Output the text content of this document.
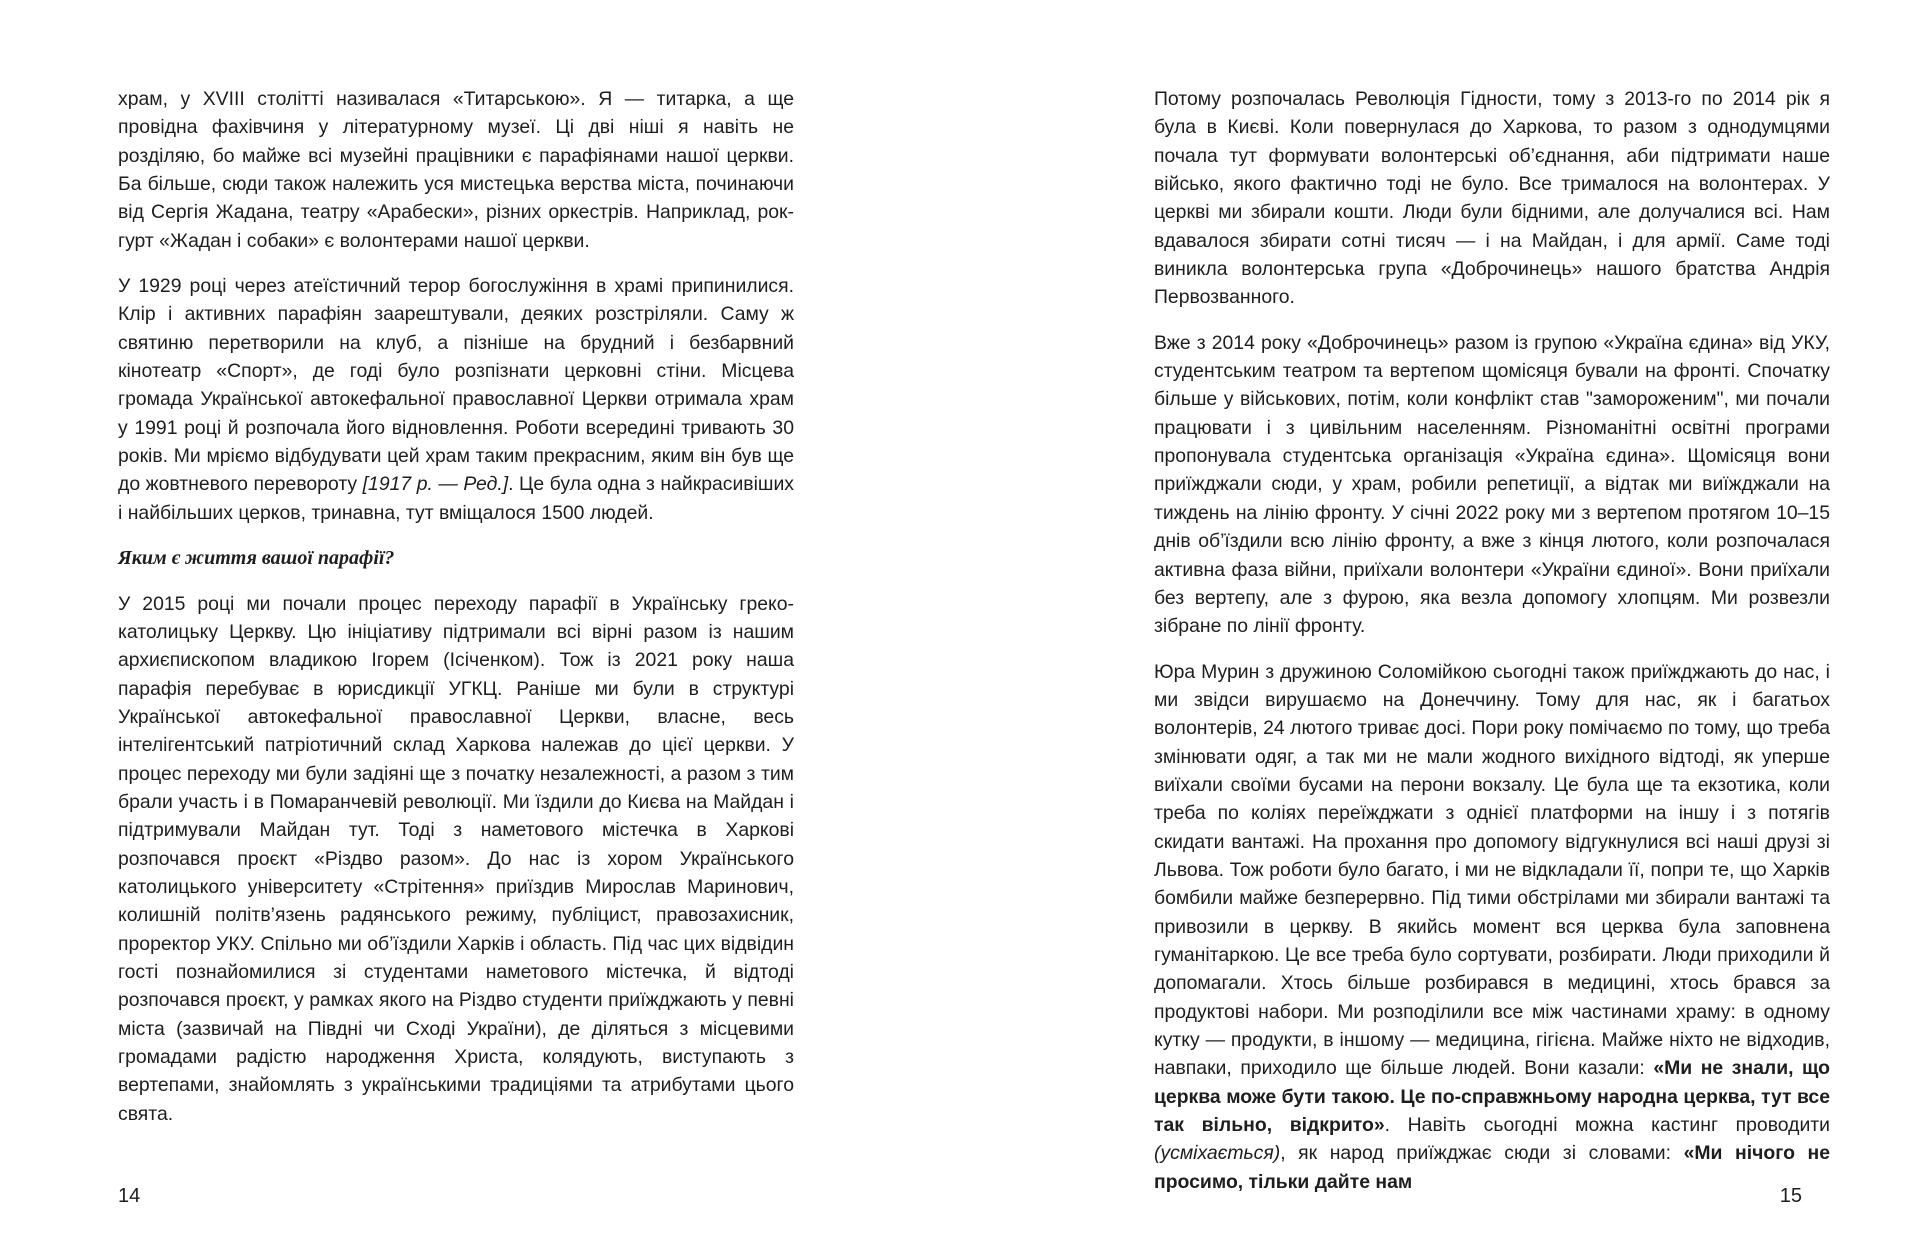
храм, у XVIII столітті називалася «Титарською». Я — титарка, а ще провідна фахівчиня у літературному музеї. Ці дві ніші я навіть не розділяю, бо майже всі музейні працівники є парафіянами нашої церкви. Ба більше, сюди також належить уся мистецька верства міста, починаючи від Сергія Жадана, театру «Арабески», різних оркестрів. Наприклад, рок-гурт «Жадан і собаки» є волонтерами нашої церкви.

У 1929 році через атеїстичний терор богослужіння в храмі припинилися. Клір і активних парафіян заарештували, деяких розстріляли. Саму ж святиню перетворили на клуб, а пізніше на брудний і безбарвний кінотеатр «Спорт», де годі було розпізнати церковні стіни. Місцева громада Української автокефальної православної Церкви отримала храм у 1991 році й розпочала його відновлення. Роботи всередині тривають 30 років. Ми мріємо відбудувати цей храм таким прекрасним, яким він був ще до жовтневого перевороту [1917 р. — Ред.]. Це була одна з найкрасивіших і найбільших церков, тринавна, тут вміщалося 1500 людей.

Яким є життя вашої парафії?

У 2015 році ми почали процес переходу парафії в Українську греко-католицьку Церкву. Цю ініціативу підтримали всі вірні разом із нашим архиєпископом владикою Ігорем (Ісіченком). Тож із 2021 року наша парафія перебуває в юрисдикції УГКЦ. Раніше ми були в структурі Української автокефальної православної Церкви, власне, весь інтелігентський патріотичний склад Харкова належав до цієї церкви. У процес переходу ми були задіяні ще з початку незалежності, а разом з тим брали участь і в Помаранчевій революції. Ми їздили до Києва на Майдан і підтримували Майдан тут. Тоді з наметового містечка в Харкові розпочався проєкт «Різдво разом». До нас із хором Українського католицького університету «Стрітення» приїздив Мирослав Маринович, колишній політв’язень радянського режиму, публіцист, правозахисник, проректор УКУ. Спільно ми об’їздили Харків і область. Під час цих відвідин гості познайомилися зі студентами наметового містечка, й відтоді розпочався проєкт, у рамках якого на Різдво студенти приїжджають у певні міста (зазвичай на Півдні чи Сході України), де діляться з місцевими громадами радістю народження Христа, колядують, виступають з вертепами, знайомлять з українськими традиціями та атрибутами цього свята.

14

Потому розпочалась Революція Гідности, тому з 2013-го по 2014 рік я була в Києві. Коли повернулася до Харкова, то разом з однодумцями почала тут формувати волонтерські об’єднання, аби підтримати наше військо, якого фактично тоді не було. Все трималося на волонтерах. У церкві ми збирали кошти. Люди були бідними, але долучалися всі. Нам вдавалося збирати сотні тисяч — і на Майдан, і для армії. Саме тоді виникла волонтерська група «Доброчинець» нашого братства Андрія Первозванного.

Вже з 2014 року «Доброчинець» разом із групою «Україна єдина» від УКУ, студентським театром та вертепом щомісяця бували на фронті. Спочатку більше у військових, потім, коли конфлікт став "замороженим", ми почали працювати і з цивільним населенням. Різноманітні освітні програми пропонувала студентська організація «Україна єдина». Щомісяця вони приїжджали сюди, у храм, робили репетиції, а відтак ми виїжджали на тиждень на лінію фронту. У січні 2022 року ми з вертепом протягом 10–15 днів об’їздили всю лінію фронту, а вже з кінця лютого, коли розпочалася активна фаза війни, приїхали волонтери «України єдиної». Вони приїхали без вертепу, але з фурою, яка везла допомогу хлопцям. Ми розвезли зібране по лінії фронту.

Юра Мурин з дружиною Соломійкою сьогодні також приїжджають до нас, і ми звідси вирушаємо на Донеччину. Тому для нас, як і багатьох волонтерів, 24 лютого триває досі. Пори року помічаємо по тому, що треба змінювати одяг, а так ми не мали жодного вихідного відтоді, як уперше виїхали своїми бусами на перони вокзалу. Це була ще та екзотика, коли треба по коліях переїжджати з однієї платформи на іншу і з потягів скидати вантажі. На прохання про допомогу відгукнулися всі наші друзі зі Львова. Тож роботи було багато, і ми не відкладали її, попри те, що Харків бомбили майже безперервно. Під тими обстрілами ми збирали вантажі та привозили в церкву. В якийсь момент вся церква була заповнена гуманітаркою. Це все треба було сортувати, розбирати. Люди приходили й допомагали. Хтось більше розбирався в медицині, хтось брався за продуктові набори. Ми розподілили все між частинами храму: в одному кутку — продукти, в іншому — медицина, гігієна. Майже ніхто не відходив, навпаки, приходило ще більше людей. Вони казали: «Ми не знали, що церква може бути такою. Це по-справжньому народна церква, тут все так вільно, відкрито». Навіть сьогодні можна кастинг проводити (усміхається), як народ приїжджає сюди зі словами: «Ми нічого не просимо, тільки дайте нам

15
